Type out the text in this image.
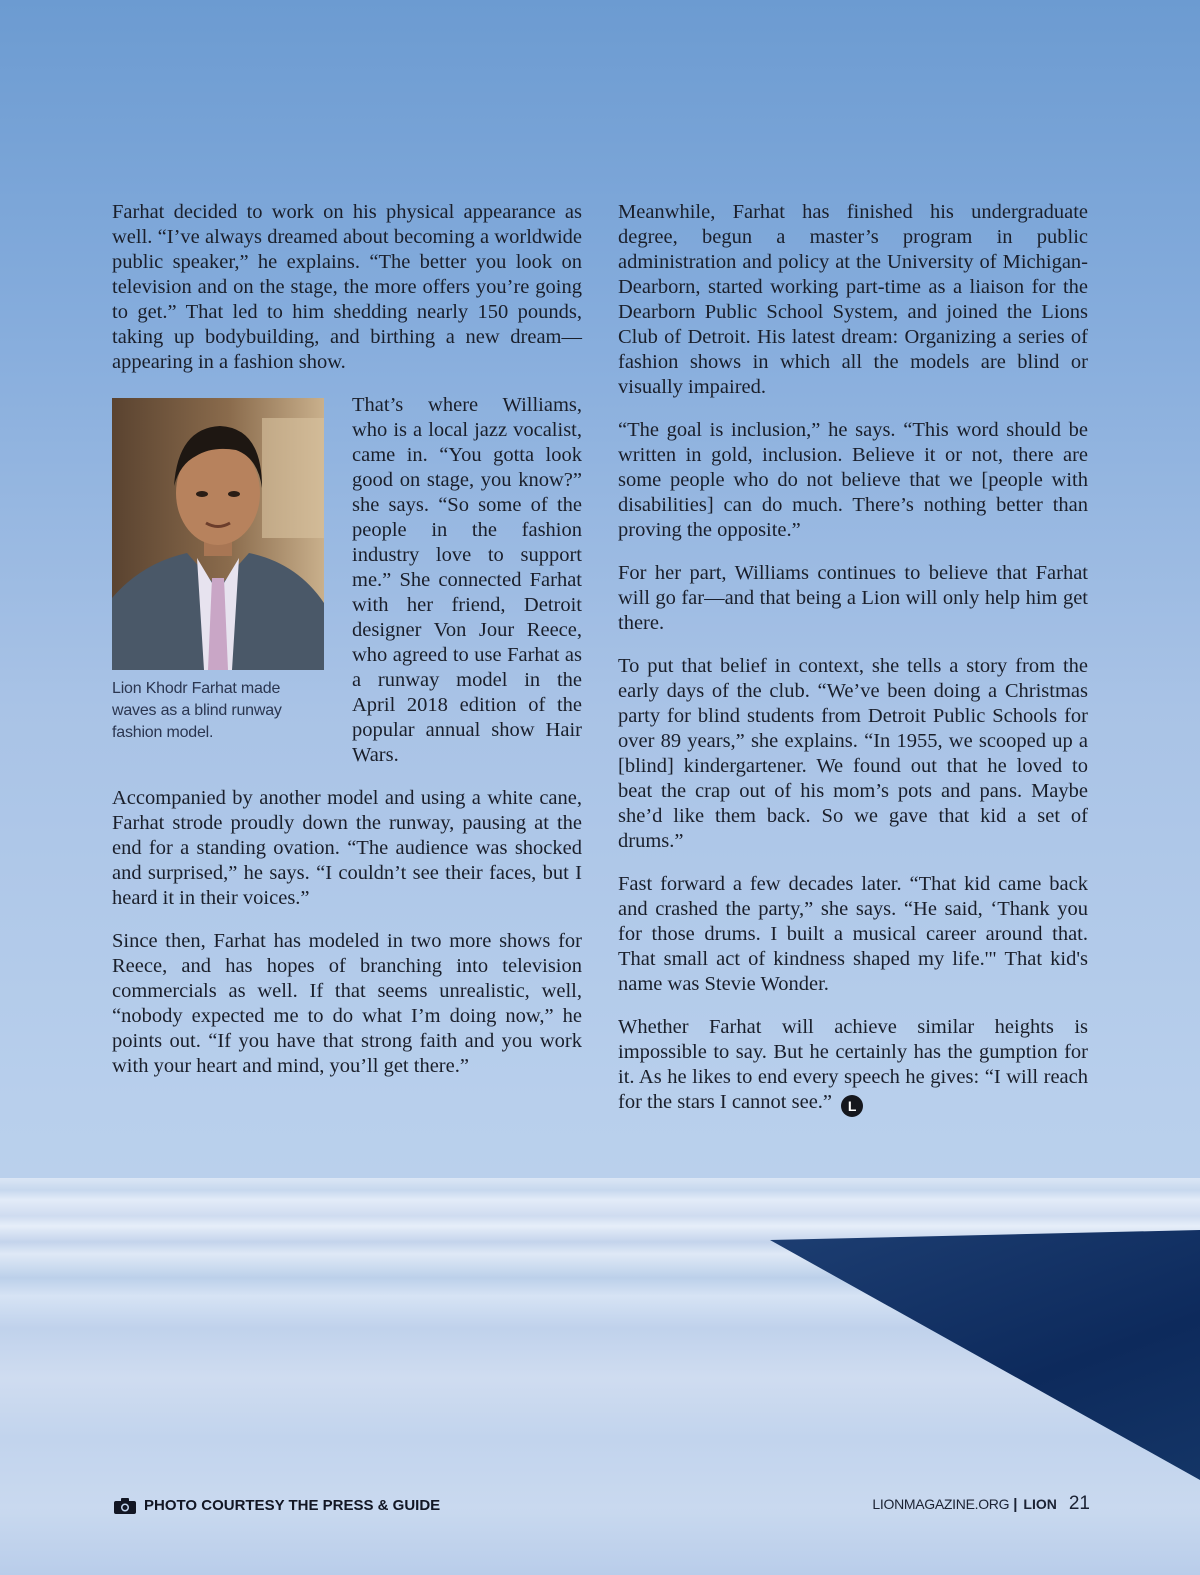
Farhat decided to work on his physical appearance as well. “I’ve always dreamed about becoming a worldwide public speaker,” he explains. “The better you look on television and on the stage, the more offers you’re going to get.” That led to him shedding nearly 150 pounds, taking up bodybuilding, and birthing a new dream—appearing in a fashion show.

Lion Khodr Farhat made waves as a blind runway fashion model.

That’s where Williams, who is a local jazz vocalist, came in. “You gotta look good on stage, you know?” she says. “So some of the people in the fashion industry love to support me.” She connected Farhat with her friend, Detroit designer Von Jour Reece, who agreed to use Farhat as a runway model in the April 2018 edition of the popular annual show Hair Wars.

Accompanied by another model and using a white cane, Farhat strode proudly down the runway, pausing at the end for a standing ovation. “The audience was shocked and surprised,” he says. “I couldn’t see their faces, but I heard it in their voices.”

Since then, Farhat has modeled in two more shows for Reece, and has hopes of branching into television commercials as well. If that seems unrealistic, well, “nobody expected me to do what I’m doing now,” he points out. “If you have that strong faith and you work with your heart and mind, you’ll get there.”

Meanwhile, Farhat has finished his undergraduate degree, begun a master’s program in public administration and policy at the University of Michigan-Dearborn, started working part-time as a liaison for the Dearborn Public School System, and joined the Lions Club of Detroit. His latest dream: Organizing a series of fashion shows in which all the models are blind or visually impaired.

“The goal is inclusion,” he says. “This word should be written in gold, inclusion. Believe it or not, there are some people who do not believe that we [people with disabilities] can do much. There’s nothing better than proving the opposite.”

For her part, Williams continues to believe that Farhat will go far—and that being a Lion will only help him get there.

To put that belief in context, she tells a story from the early days of the club. “We’ve been doing a Christmas party for blind students from Detroit Public Schools for over 89 years,” she explains. “In 1955, we scooped up a [blind] kindergartener. We found out that he loved to beat the crap out of his mom’s pots and pans. Maybe she’d like them back. So we gave that kid a set of drums.”

Fast forward a few decades later. “That kid came back and crashed the party,” she says. “He said, ‘Thank you for those drums. I built a musical career around that. That small act of kindness shaped my life.'" That kid's name was Stevie Wonder.

Whether Farhat will achieve similar heights is impossible to say. But he certainly has the gumption for it. As he likes to end every speech he gives: “I will reach for the stars I cannot see.” L

PHOTO COURTESY THE PRESS & GUIDE	LIONMAGAZINE.ORG | LION 21
